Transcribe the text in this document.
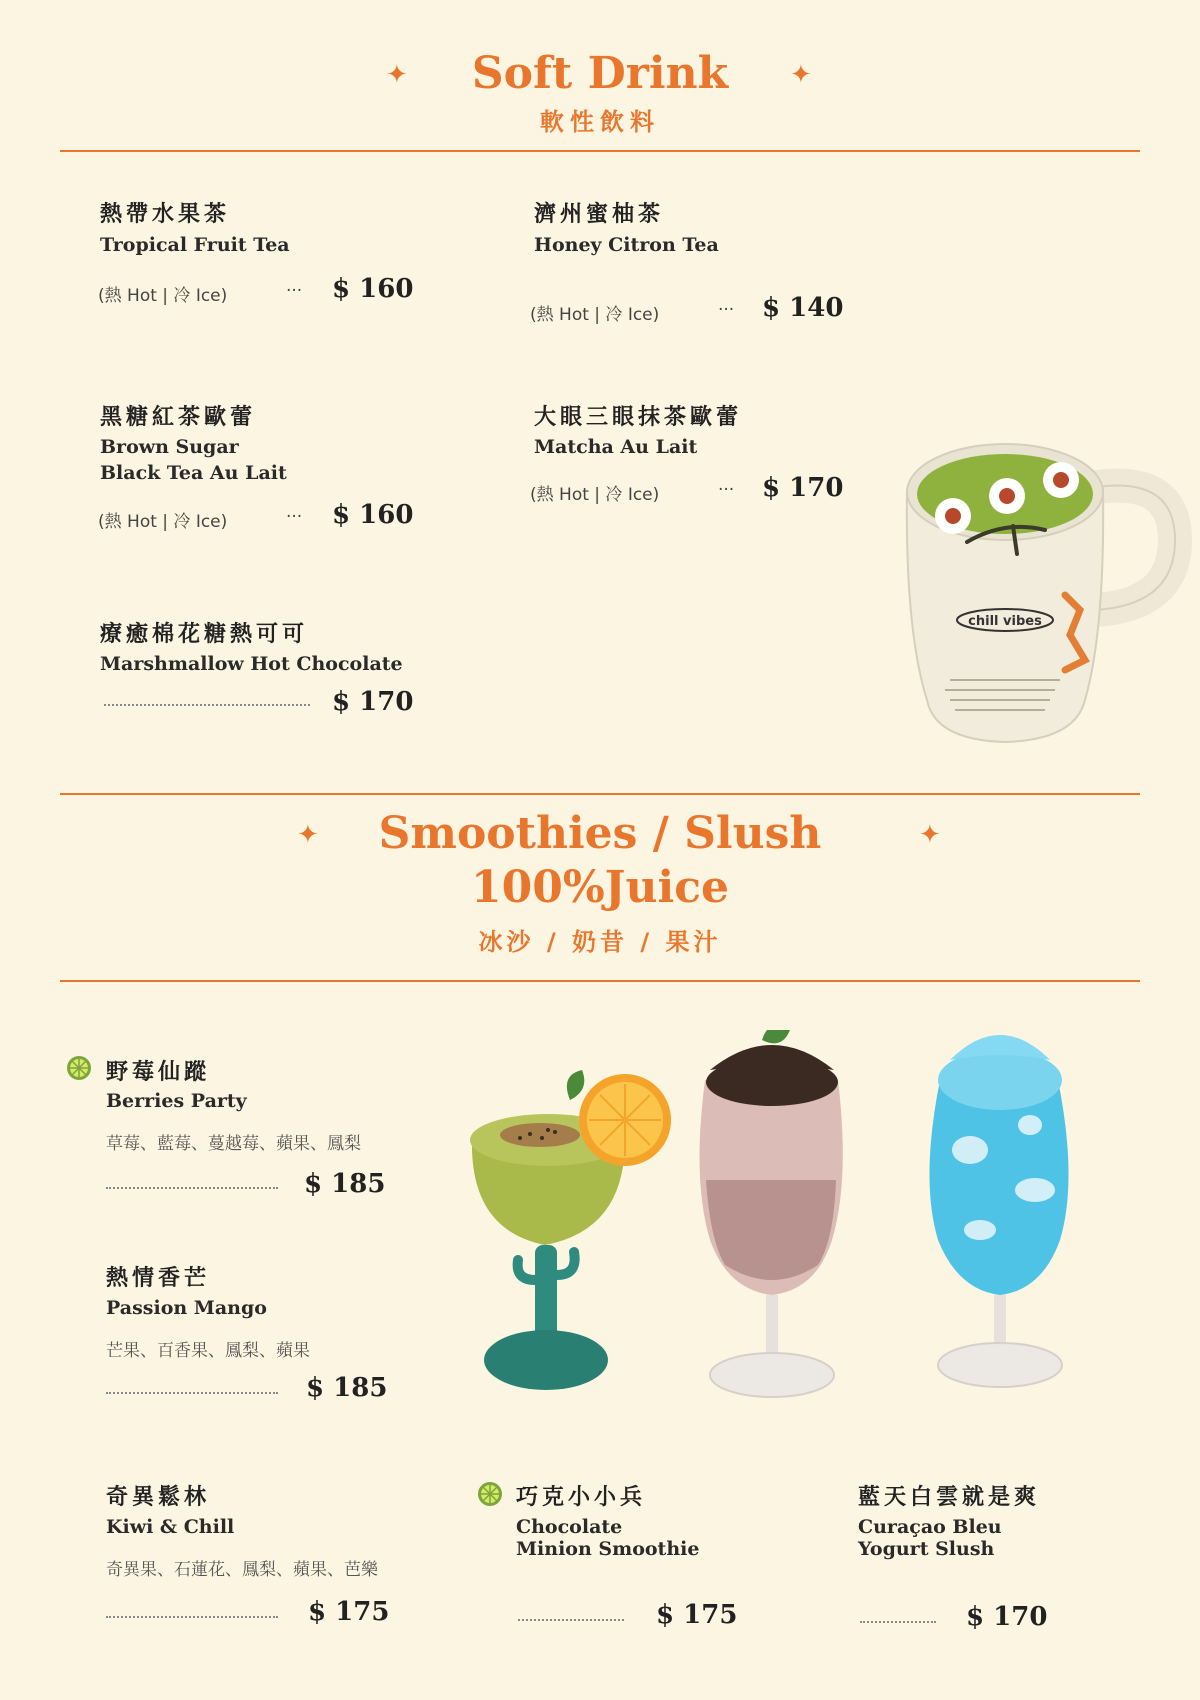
✦	✦
Soft Drink
軟性飲料
熱帶水果茶
Tropical Fruit Tea
(熱 Hot | 冷 Ice)	··· $ 160
濟州蜜柚茶
Honey Citron Tea
(熱 Hot | 冷 Ice)	··· $ 140
黑糖紅茶歐蕾
Brown Sugar
Black Tea Au Lait
(熱 Hot | 冷 Ice)	··· $ 160
大眼三眼抹茶歐蕾
Matcha Au Lait
(熱 Hot | 冷 Ice)	··· $ 170
療癒棉花糖熱可可
Marshmallow Hot Chocolate
$ 170
chill vibes
✦	✦
Smoothies / Slush
100%Juice
冰沙 / 奶昔 / 果汁
野莓仙蹤
Berries Party
草莓、藍莓、蔓越莓、蘋果、鳳梨
$ 185
熱情香芒
Passion Mango
芒果、百香果、鳳梨、蘋果
$ 185
奇異鬆林
Kiwi & Chill
奇異果、石蓮花、鳳梨、蘋果、芭樂
$ 175
巧克小小兵
Chocolate
Minion Smoothie
$ 175
藍天白雲就是爽
Curaçao Bleu
Yogurt Slush
$ 170
